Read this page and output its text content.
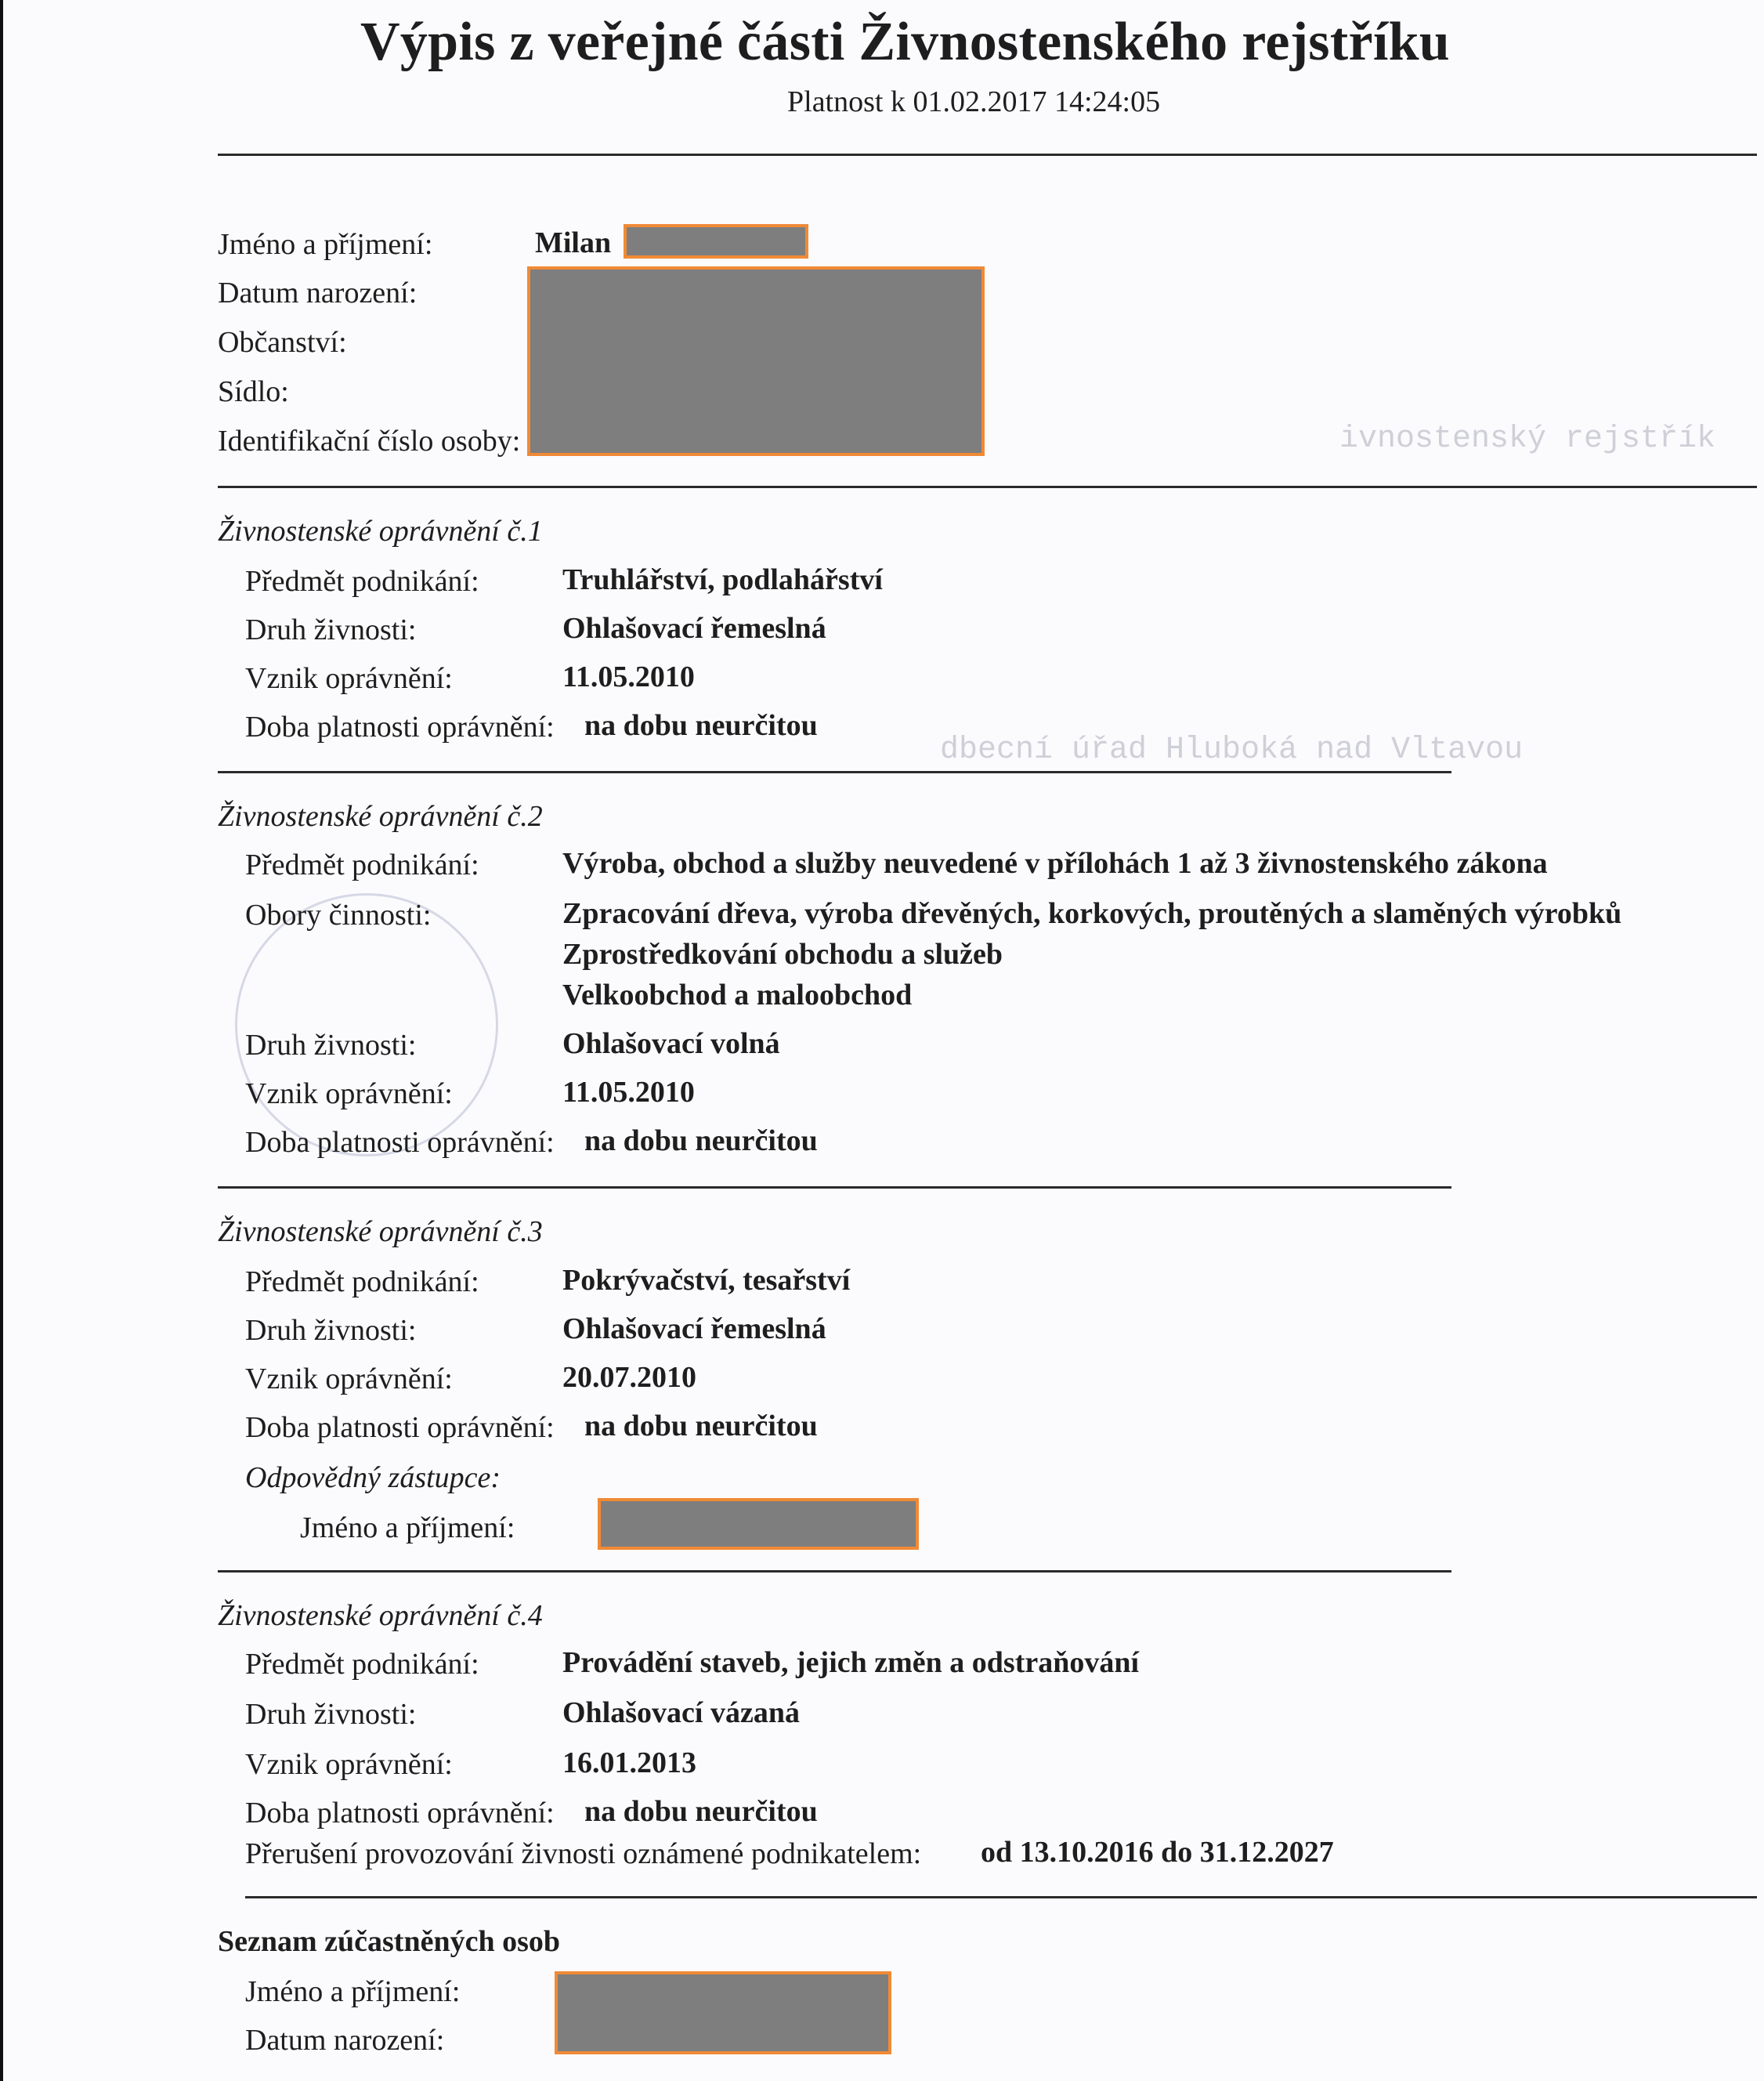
ivnostenský rejstřík
dbecní úřad Hluboká nad Vltavou
Výpis z veřejné části Živnostenského rejstříku
Platnost k 01.02.2017 14:24:05
Jméno a příjmení:	Milan
Datum narození:
Občanství:
Sídlo:
Identifikační číslo osoby:
Živnostenské oprávnění č.1
Předmět podnikání:	Truhlářství, podlahářství
Druh živnosti:	Ohlašovací řemeslná
Vznik oprávnění:	11.05.2010
Doba platnosti oprávnění: na dobu neurčitou
Živnostenské oprávnění č.2
Předmět podnikání:	Výroba, obchod a služby neuvedené v přílohách 1 až 3 živnostenského zákona
Obory činnosti:	Zpracování dřeva, výroba dřevěných, korkových, proutěných a slaměných výrobků
Zprostředkování obchodu a služeb
Velkoobchod a maloobchod
Druh živnosti:	Ohlašovací volná
Vznik oprávnění:	11.05.2010
Doba platnosti oprávnění: na dobu neurčitou
Živnostenské oprávnění č.3
Předmět podnikání:	Pokrývačství, tesařství
Druh živnosti:	Ohlašovací řemeslná
Vznik oprávnění:	20.07.2010
Doba platnosti oprávnění: na dobu neurčitou
Odpovědný zástupce:
Jméno a příjmení:
Živnostenské oprávnění č.4
Předmět podnikání:	Provádění staveb, jejich změn a odstraňování
Druh živnosti:	Ohlašovací vázaná
Vznik oprávnění:	16.01.2013
Doba platnosti oprávnění: na dobu neurčitou
Přerušení provozování živnosti oznámené podnikatelem: od 13.10.2016 do 31.12.2027
Seznam zúčastněných osob
Jméno a příjmení:
Datum narození:
